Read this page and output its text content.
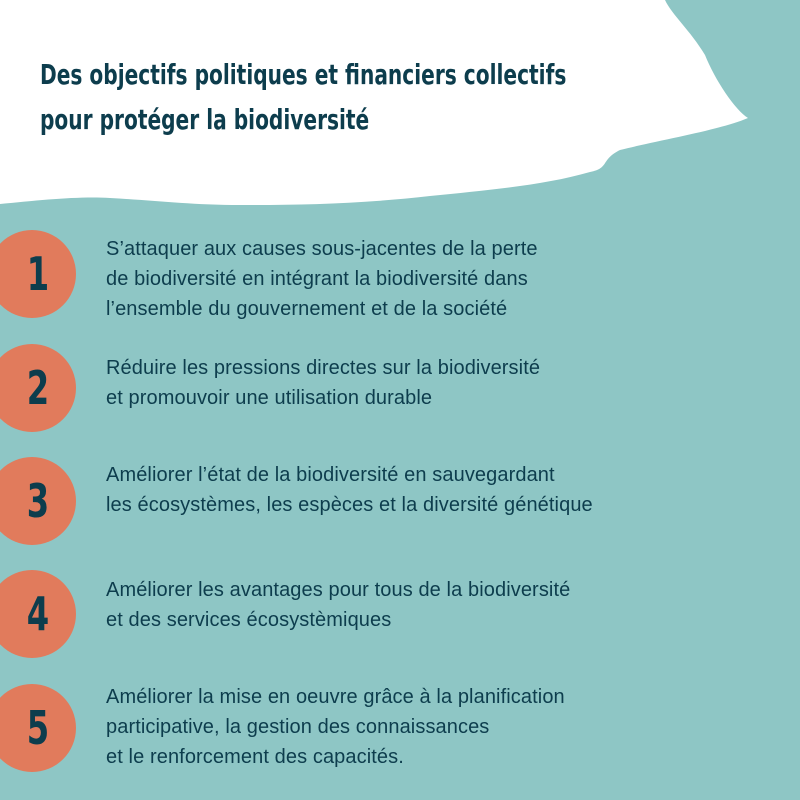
Des objectifs politiques et financiers collectifs
pour protéger la biodiversité
1	S’attaquer aux causes sous-jacentes de la perte
de biodiversité en intégrant la biodiversité dans
l’ensemble du gouvernement et de la société

2	Réduire les pressions directes sur la biodiversité
et promouvoir une utilisation durable

3	Améliorer l’état de la biodiversité en sauvegardant
les écosystèmes, les espèces et la diversité génétique

4	Améliorer les avantages pour tous de la biodiversité
et des services écosystèmiques

5

Améliorer la mise en oeuvre grâce à la planification
participative, la gestion des connaissances
et le renforcement des capacités.
